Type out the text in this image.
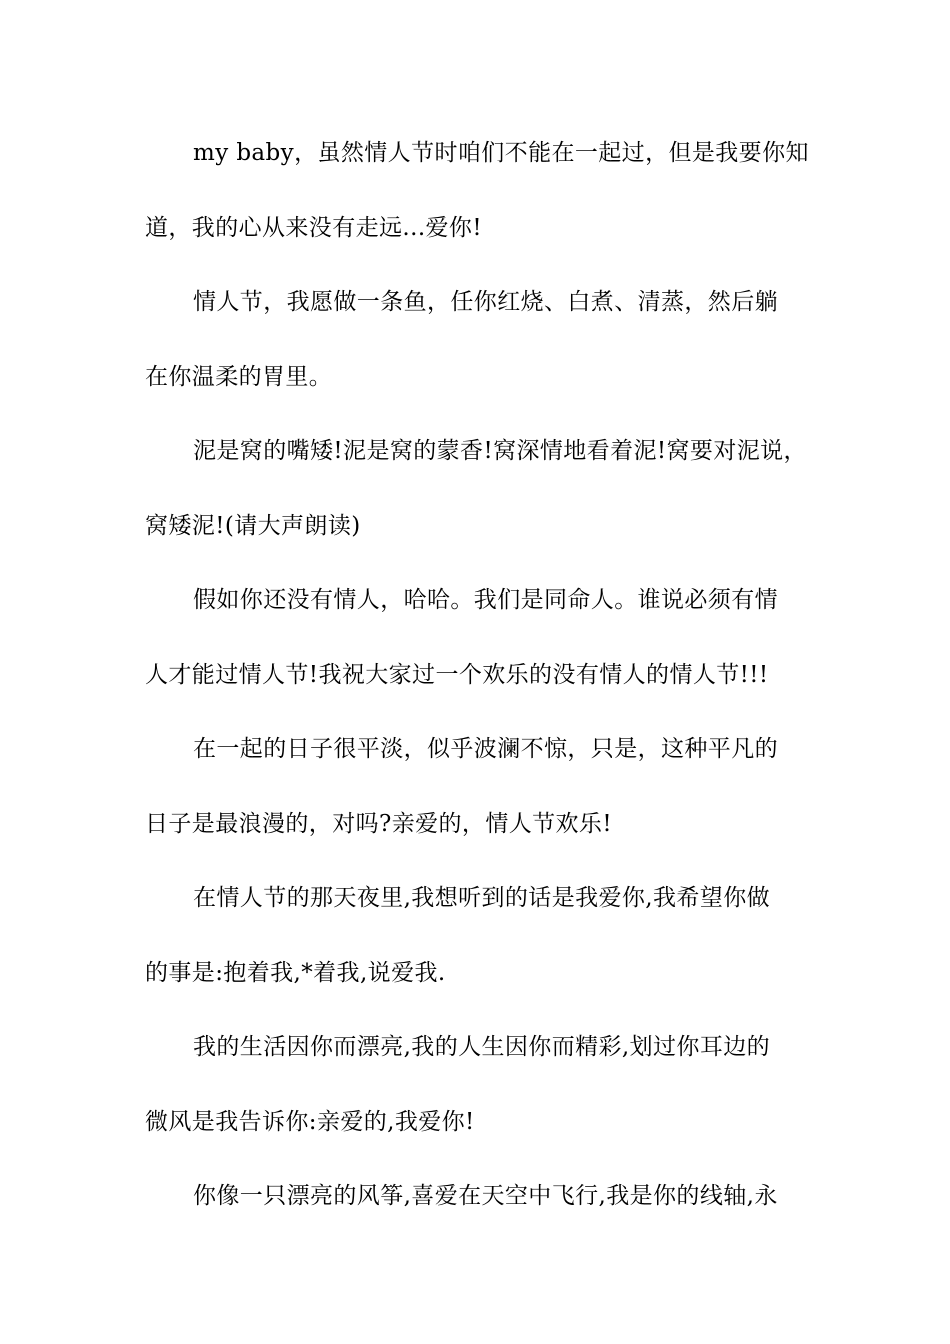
my baby，虽然情人节时咱们不能在一起过，但是我要你知
道，我的心从来没有走远...爱你!
情人节，我愿做一条鱼，任你红烧、白煮、清蒸，然后躺
在你温柔的胃里。
泥是窝的嘴矮!泥是窝的蒙香!窝深情地看着泥!窝要对泥说，
窝矮泥!(请大声朗读)
假如你还没有情人，哈哈。我们是同命人。谁说必须有情
人才能过情人节!我祝大家过一个欢乐的没有情人的情人节!!!
在一起的日子很平淡，似乎波澜不惊，只是，这种平凡的
日子是最浪漫的，对吗?亲爱的，情人节欢乐!
在情人节的那天夜里,我想听到的话是我爱你,我希望你做
的事是:抱着我,*着我,说爱我.
我的生活因你而漂亮,我的人生因你而精彩,划过你耳边的
微风是我告诉你:亲爱的,我爱你!
你像一只漂亮的风筝,喜爱在天空中飞行,我是你的线轴,永
